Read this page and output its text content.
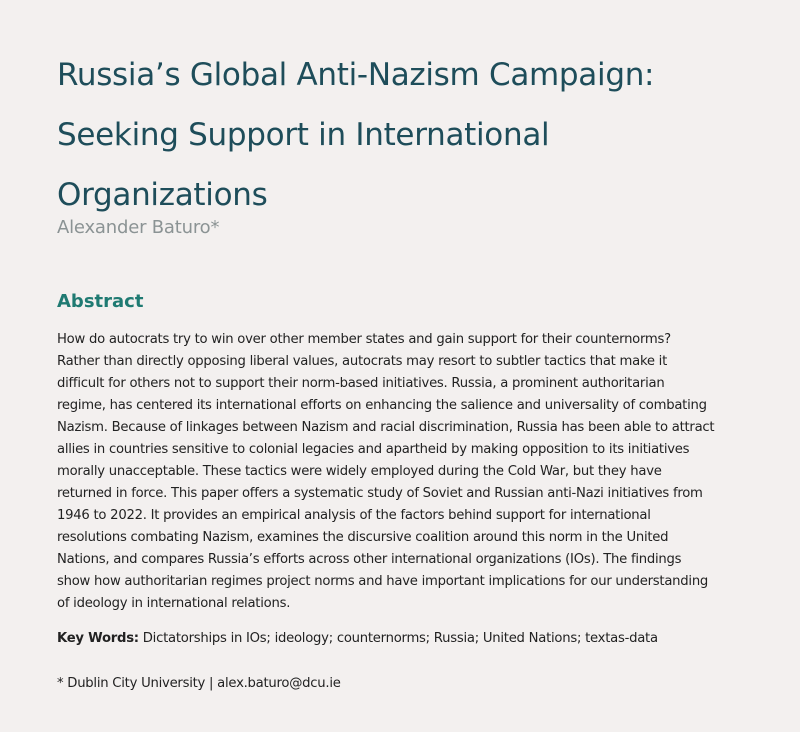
Russia’s Global Anti-Nazism Campaign:
Seeking Support in International
Organizations
Alexander Baturo*
Abstract

How do autocrats try to win over other member states and gain support for their counternorms?
Rather than directly opposing liberal values, autocrats may resort to subtler tactics that make it
difficult for others not to support their norm-based initiatives. Russia, a prominent authoritarian
regime, has centered its international efforts on enhancing the salience and universality of combating
Nazism. Because of linkages between Nazism and racial discrimination, Russia has been able to attract
allies in countries sensitive to colonial legacies and apartheid by making opposition to its initiatives
morally unacceptable. These tactics were widely employed during the Cold War, but they have
returned in force. This paper offers a systematic study of Soviet and Russian anti-Nazi initiatives from
1946 to 2022. It provides an empirical analysis of the factors behind support for international
resolutions combating Nazism, examines the discursive coalition around this norm in the United
Nations, and compares Russia’s efforts across other international organizations (IOs). The findings
show how authoritarian regimes project norms and have important implications for our understanding
of ideology in international relations.

Key Words: Dictatorships in IOs; ideology; counternorms; Russia; United Nations; textas-data
* Dublin City University | alex.baturo@dcu.ie
